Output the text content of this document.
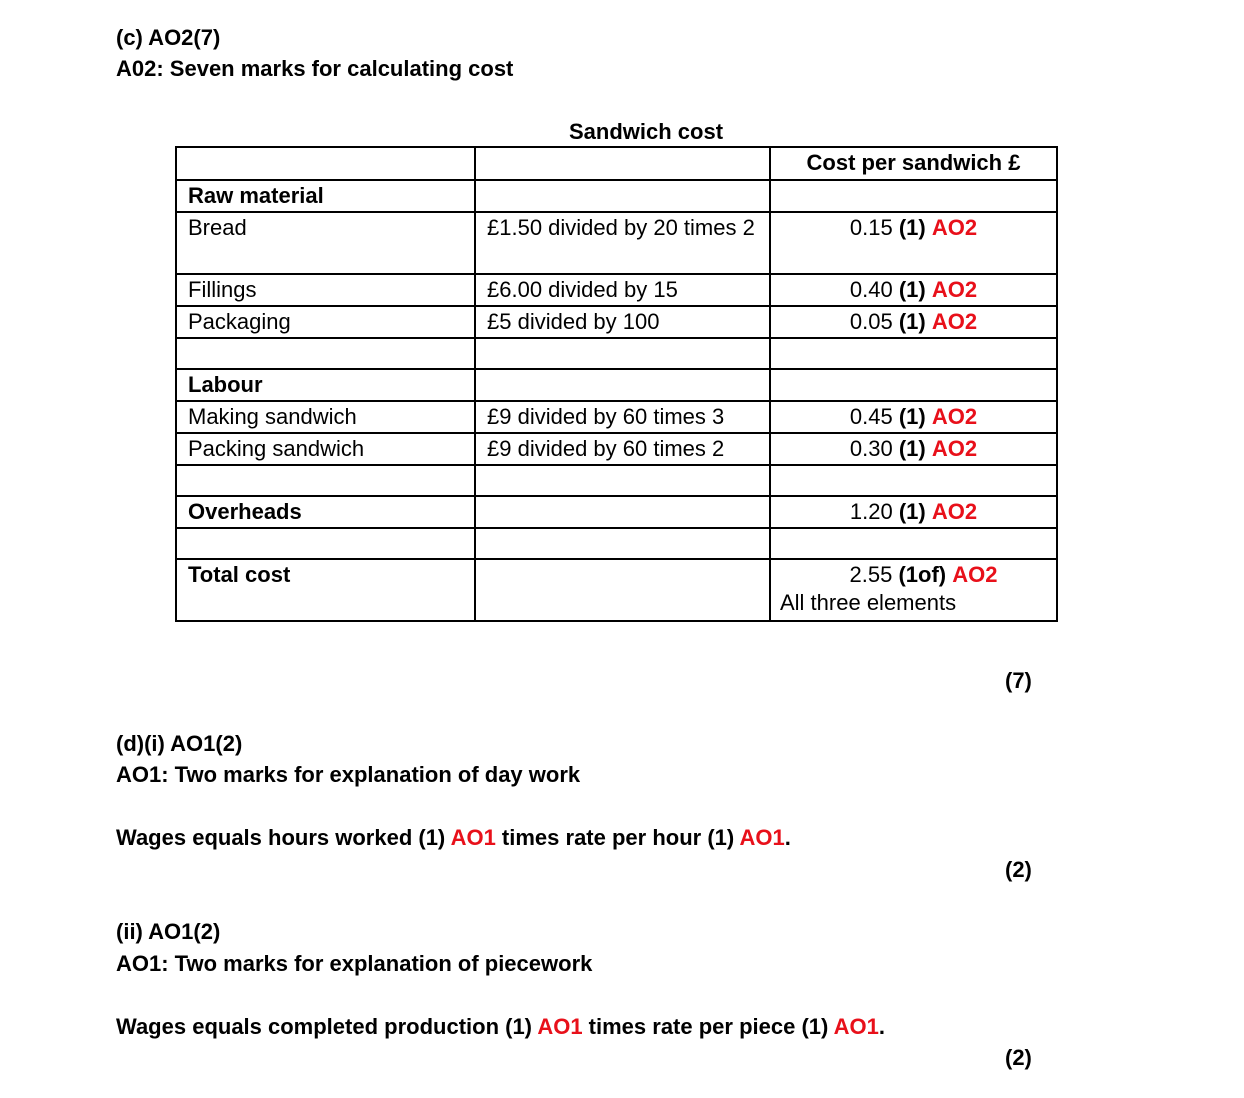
(c) AO2(7)
A02: Seven marks for calculating cost
Sandwich cost
		Cost per sandwich £
Raw material		
Bread	£1.50 divided by 20 times 2	0.15 (1) AO2

Fillings	£6.00 divided by 15	0.40 (1) AO2

Packaging	£5 divided by 100	0.05 (1) AO2

Labour		
Making sandwich	£9 divided by 60 times 3	0.45 (1) AO2

Packing sandwich	£9 divided by 60 times 2	0.30 (1) AO2

Overheads		1.20 (1) AO2

Total cost		2.55 (1of) AO2
All three elements
(7)
(d)(i) AO1(2)
AO1: Two marks for explanation of day work
Wages equals hours worked (1) AO1 times rate per hour (1) AO1.
(2)
(ii) AO1(2)
AO1: Two marks for explanation of piecework
Wages equals completed production (1) AO1 times rate per piece (1) AO1.
(2)
